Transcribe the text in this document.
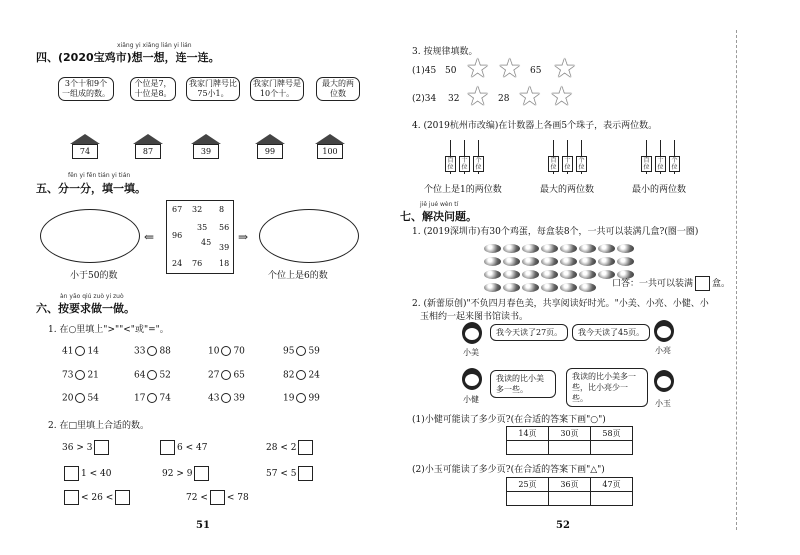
xiǎng yi xiǎng lián yi lián
四、(2020宝鸡市)想一想，连一连。
3个十和9个一组成的数。
个位是7，十位是8。
我家门牌号比75小1。
我家门牌号是10个十。
最大的两位数
74	87	39	99	100
fēn yi fēn tián yi tián
五、分一分，填一填。
⇐	⇒
67 32 8
56
96
35
45
39
24 76 18
小于50的数	个位上是6的数
àn yāo qiú zuò yi zuò
六、按要求做一做。
1. 在○里填上">""<"或"="。
41 14	33 88	10 70	95 59
73 21	64 52	27 65	82 24
20 54	17 74	43 39	19 99
2. 在□里填上合适的数。
36 > 3	6 < 47	28 < 2
1 < 40	92 > 9	57 < 5
< 26 <	72 < < 78
51
3. 按规律填数。
(1)45 50 ★ ★ 65 ★
(2)34 32 ★ 28 ★ ★
4. (2019杭州市改编)在计数器上各画5个珠子，表示两位数。
百位
十位
个位
百位
十位
个位
百位
十位
个位
个位上是1的两位数	最大的两位数	最小的两位数
jiě jué wèn tí
七、解决问题。
1. (2019深圳市)有30个鸡蛋，每盒装8个，一共可以装满几盒?(圈一圈)
口答：一共可以装满 盒。
2. (新蕾原创)"不负四月春色美，共享阅读好时光。"小美、小亮、小健、小
玉相约一起来图书馆读书。
我今天读了27页。
小美
我今天读了45页。
小亮
我读的比小美多一些。
小健
我读的比小美多一些，比小亮少一些。
小玉
(1)小健可能读了多少页?(在合适的答案下画"○")
14页	30页	58页

(2)小玉可能读了多少页?(在合适的答案下画"△")
25页	36页	47页

52
